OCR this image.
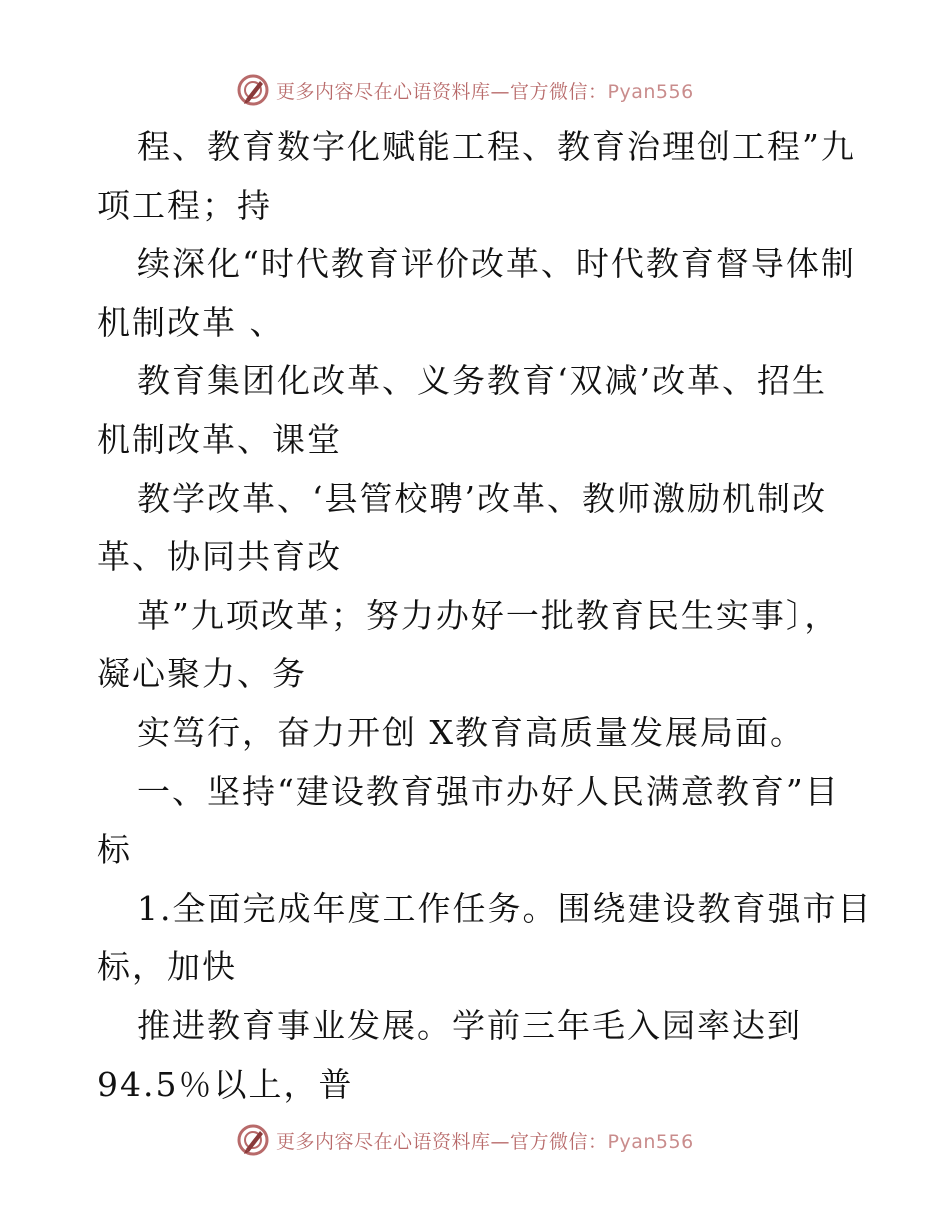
更多内容尽在心语资料库—官方微信：Pyan556
程、教育数字化赋能工程、教育治理创工程”九
项工程；持
续深化“时代教育评价改革、时代教育督导体制
机制改革 、
教育集团化改革、义务教育‘双减’改革、招生
机制改革、课堂
教学改革、‘县管校聘’改革、教师激励机制改
革、协同共育改
革”九项改革；努力办好一批教育民生实事〕，
凝心聚力、务
实笃行，奋力开创 X教育高质量发展局面。
一、坚持“建设教育强市办好人民满意教育”目
标
1.全面完成年度工作任务。围绕建设教育强市目
标，加快
推进教育事业发展。学前三年毛入园率达到
94.5％以上，普
更多内容尽在心语资料库—官方微信：Pyan556
